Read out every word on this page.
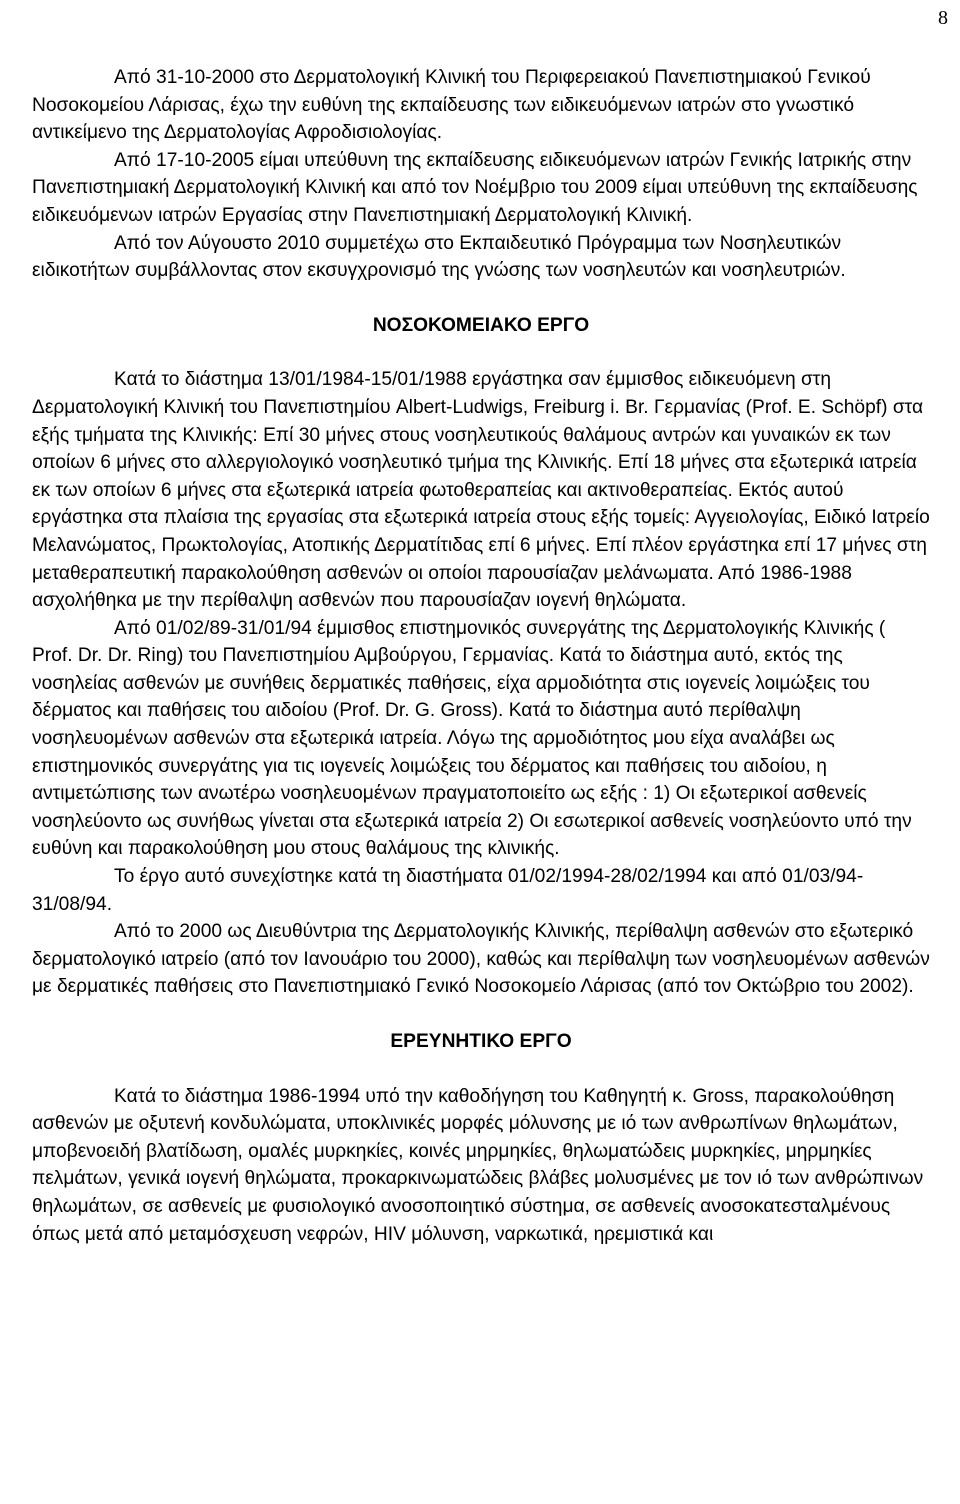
8

Από 31-10-2000 στο Δερματολογική Κλινική του Περιφερειακού Πανεπιστημιακού Γενικού Νοσοκομείου Λάρισας, έχω την ευθύνη της εκπαίδευσης των ειδικευόμενων ιατρών στο γνωστικό αντικείμενο της Δερματολογίας Αφροδισιολογίας.

Από 17-10-2005 είμαι υπεύθυνη της εκπαίδευσης ειδικευόμενων ιατρών Γενικής Ιατρικής στην Πανεπιστημιακή Δερματολογική Κλινική και από τον Νοέμβριο του 2009 είμαι υπεύθυνη της εκπαίδευσης ειδικευόμενων ιατρών Εργασίας στην Πανεπιστημιακή Δερματολογική Κλινική.

Από τον Αύγουστο 2010 συμμετέχω στο Εκπαιδευτικό Πρόγραμμα των Νοσηλευτικών ειδικοτήτων συμβάλλοντας στον εκσυγχρονισμό της γνώσης των νοσηλευτών και νοσηλευτριών.

ΝΟΣΟΚΟΜΕΙΑΚΟ ΕΡΓΟ

Κατά το διάστημα 13/01/1984-15/01/1988 εργάστηκα σαν έμμισθος ειδικευόμενη στη Δερματολογική Κλινική του Πανεπιστημίου Albert-Ludwigs, Freiburg i. Br. Γερμανίας (Prof. E. Schöpf) στα εξής τμήματα της Κλινικής: Επί 30 μήνες στους νοσηλευτικούς θαλάμους αντρών και γυναικών εκ των οποίων 6 μήνες στο αλλεργιολογικό νοσηλευτικό τμήμα της Κλινικής. Επί 18 μήνες στα εξωτερικά ιατρεία εκ των οποίων 6 μήνες στα εξωτερικά ιατρεία φωτοθεραπείας και ακτινοθεραπείας. Εκτός αυτού εργάστηκα στα πλαίσια της εργασίας στα εξωτερικά ιατρεία στους εξής τομείς: Αγγειολογίας, Ειδικό Ιατρείο Μελανώματος, Πρωκτολογίας, Ατοπικής Δερματίτιδας επί 6 μήνες. Επί πλέον εργάστηκα επί 17 μήνες στη μεταθεραπευτική παρακολούθηση ασθενών οι οποίοι παρουσίαζαν μελάνωματα. Από 1986-1988 ασχολήθηκα με την περίθαλψη ασθενών που παρουσίαζαν ιογενή θηλώματα.

Από 01/02/89-31/01/94 έμμισθος επιστημονικός συνεργάτης της Δερματολογικής Κλινικής ( Prof. Dr. Dr. Ring) του Πανεπιστημίου Αμβούργου, Γερμανίας. Κατά το διάστημα αυτό, εκτός της νοσηλείας ασθενών με συνήθεις δερματικές παθήσεις, είχα αρμοδιότητα στις ιογενείς λοιμώξεις του δέρματος και παθήσεις του αιδοίου (Prof. Dr. G. Gross). Κατά το διάστημα αυτό περίθαλψη νοσηλευομένων ασθενών στα εξωτερικά ιατρεία. Λόγω της αρμοδιότητος μου είχα αναλάβει ως επιστημονικός συνεργάτης για τις ιογενείς λοιμώξεις του δέρματος και παθήσεις του αιδοίου, η αντιμετώπισης των ανωτέρω νοσηλευομένων πραγματοποιείτο ως εξής : 1) Οι εξωτερικοί ασθενείς νοσηλεύοντο ως συνήθως γίνεται στα εξωτερικά ιατρεία 2) Οι εσωτερικοί ασθενείς νοσηλεύοντο υπό την ευθύνη και παρακολούθηση μου στους θαλάμους της κλινικής.

Το έργο αυτό συνεχίστηκε κατά τη διαστήματα 01/02/1994-28/02/1994 και από 01/03/94-31/08/94.

Από το 2000 ως Διευθύντρια της Δερματολογικής Κλινικής, περίθαλψη ασθενών στο εξωτερικό δερματολογικό ιατρείο (από τον Ιανουάριο του 2000), καθώς και περίθαλψη των νοσηλευομένων ασθενών με δερματικές παθήσεις στο Πανεπιστημιακό Γενικό Νοσοκομείο Λάρισας (από τον Οκτώβριο του 2002).

ΕΡΕΥΝΗΤΙΚΟ ΕΡΓΟ

Κατά το διάστημα 1986-1994 υπό την καθοδήγηση του Καθηγητή κ. Gross, παρακολούθηση ασθενών με οξυτενή κονδυλώματα, υποκλινικές μορφές μόλυνσης με ιό των ανθρωπίνων θηλωμάτων, μποβενοειδή βλατίδωση, ομαλές μυρκηκίες, κοινές μηρμηκίες, θηλωματώδεις μυρκηκίες, μηρμηκίες πελμάτων, γενικά ιογενή θηλώματα, προκαρκινωματώδεις βλάβες μολυσμένες με τον ιό των ανθρώπινων θηλωμάτων, σε ασθενείς με φυσιολογικό ανοσοποιητικό σύστημα, σε ασθενείς ανοσοκατεσταλμένους όπως μετά από μεταμόσχευση νεφρών, HIV μόλυνση, ναρκωτικά, ηρεμιστικά και
